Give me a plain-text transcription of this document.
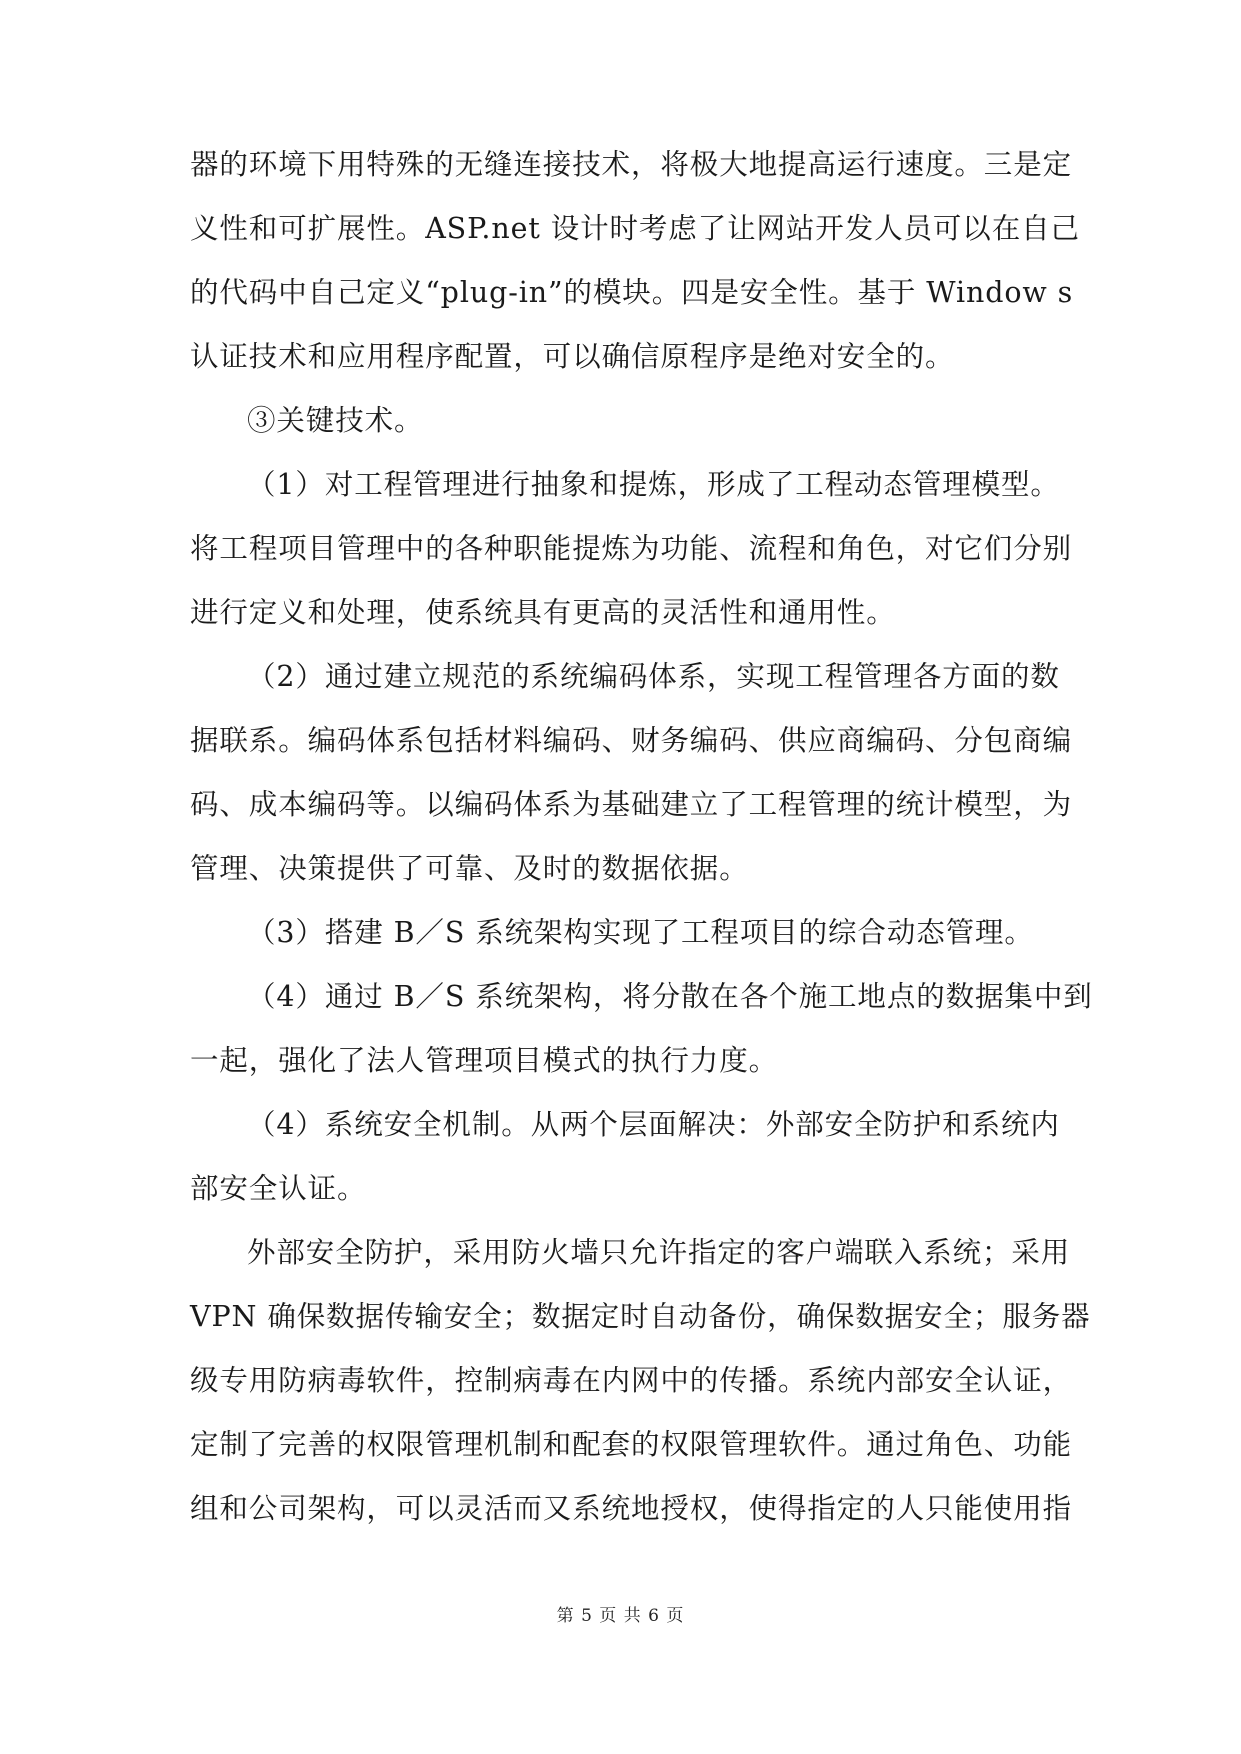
器的环境下用特殊的无缝连接技术，将极大地提高运行速度。三是定
义性和可扩展性。ASP.net 设计时考虑了让网站开发人员可以在自己
的代码中自己定义“plug-in”的模块。四是安全性。基于 Window s
认证技术和应用程序配置，可以确信原程序是绝对安全的。
③关键技术。
（1）对工程管理进行抽象和提炼，形成了工程动态管理模型。
将工程项目管理中的各种职能提炼为功能、流程和角色，对它们分别
进行定义和处理，使系统具有更高的灵活性和通用性。
（2）通过建立规范的系统编码体系，实现工程管理各方面的数
据联系。编码体系包括材料编码、财务编码、供应商编码、分包商编
码、成本编码等。以编码体系为基础建立了工程管理的统计模型，为
管理、决策提供了可靠、及时的数据依据。
（3）搭建 B／S 系统架构实现了工程项目的综合动态管理。
（4）通过 B／S 系统架构，将分散在各个施工地点的数据集中到
一起，强化了法人管理项目模式的执行力度。
（4）系统安全机制。从两个层面解决：外部安全防护和系统内
部安全认证。
外部安全防护，采用防火墙只允许指定的客户端联入系统；采用
VPN 确保数据传输安全；数据定时自动备份，确保数据安全；服务器
级专用防病毒软件，控制病毒在内网中的传播。系统内部安全认证，
定制了完善的权限管理机制和配套的权限管理软件。通过角色、功能
组和公司架构，可以灵活而又系统地授权，使得指定的人只能使用指
第 5 页 共 6 页
